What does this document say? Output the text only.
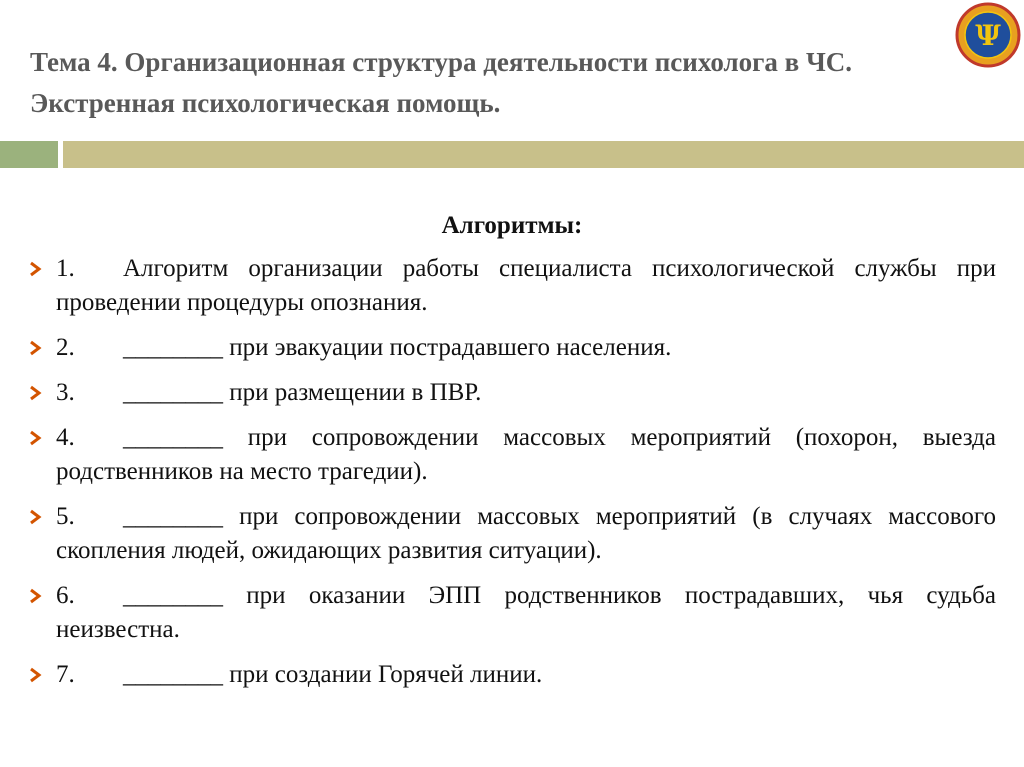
Тема 4. Организационная структура деятельности психолога в ЧС.
Экстренная психологическая помощь.
Ψ
Алгоритмы:
1. Алгоритм организации работы специалиста психологической службы при проведении процедуры опознания.
2. ________ при эвакуации пострадавшего населения.
3. ________ при размещении в ПВР.
4. ________ при сопровождении массовых мероприятий (похорон, выезда родственников на место трагедии).
5. ________ при сопровождении массовых мероприятий (в случаях массового скопления людей, ожидающих развития ситуации).
6. ________ при оказании ЭПП родственников пострадавших, чья судьба неизвестна.
7. ________ при создании Горячей линии.
